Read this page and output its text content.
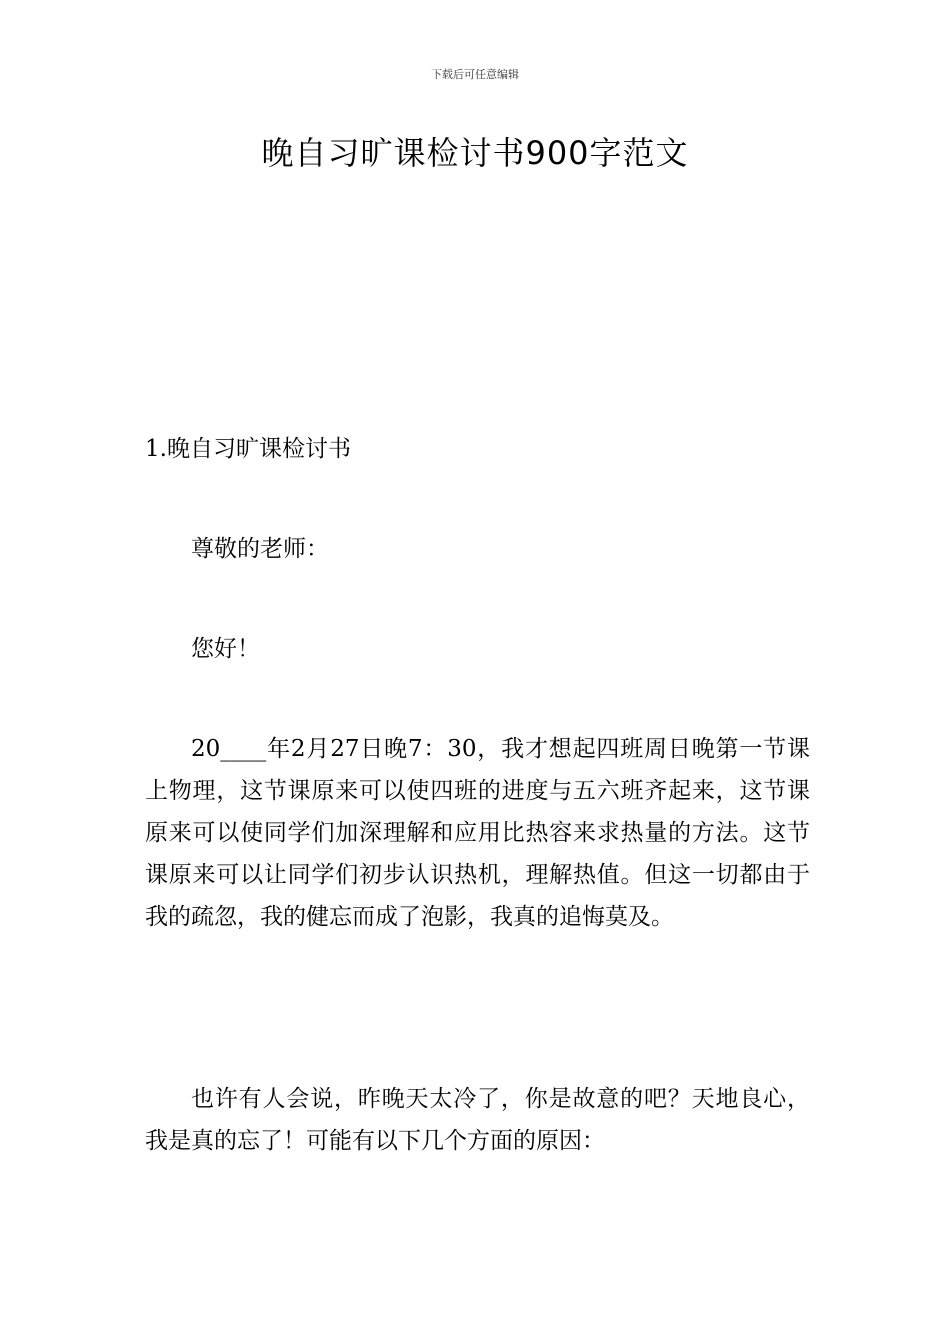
下载后可任意编辑
晚自习旷课检讨书900字范文
1.晚自习旷课检讨书
尊敬的老师：
您好！
20____年2月27日晚7：30，我才想起四班周日晚第一节课上物理，这节课原来可以使四班的进度与五六班齐起来，这节课原来可以使同学们加深理解和应用比热容来求热量的方法。这节课原来可以让同学们初步认识热机，理解热值。但这一切都由于我的疏忽，我的健忘而成了泡影，我真的追悔莫及。
也许有人会说，昨晚天太冷了，你是故意的吧？天地良心，我是真的忘了！可能有以下几个方面的原因：
